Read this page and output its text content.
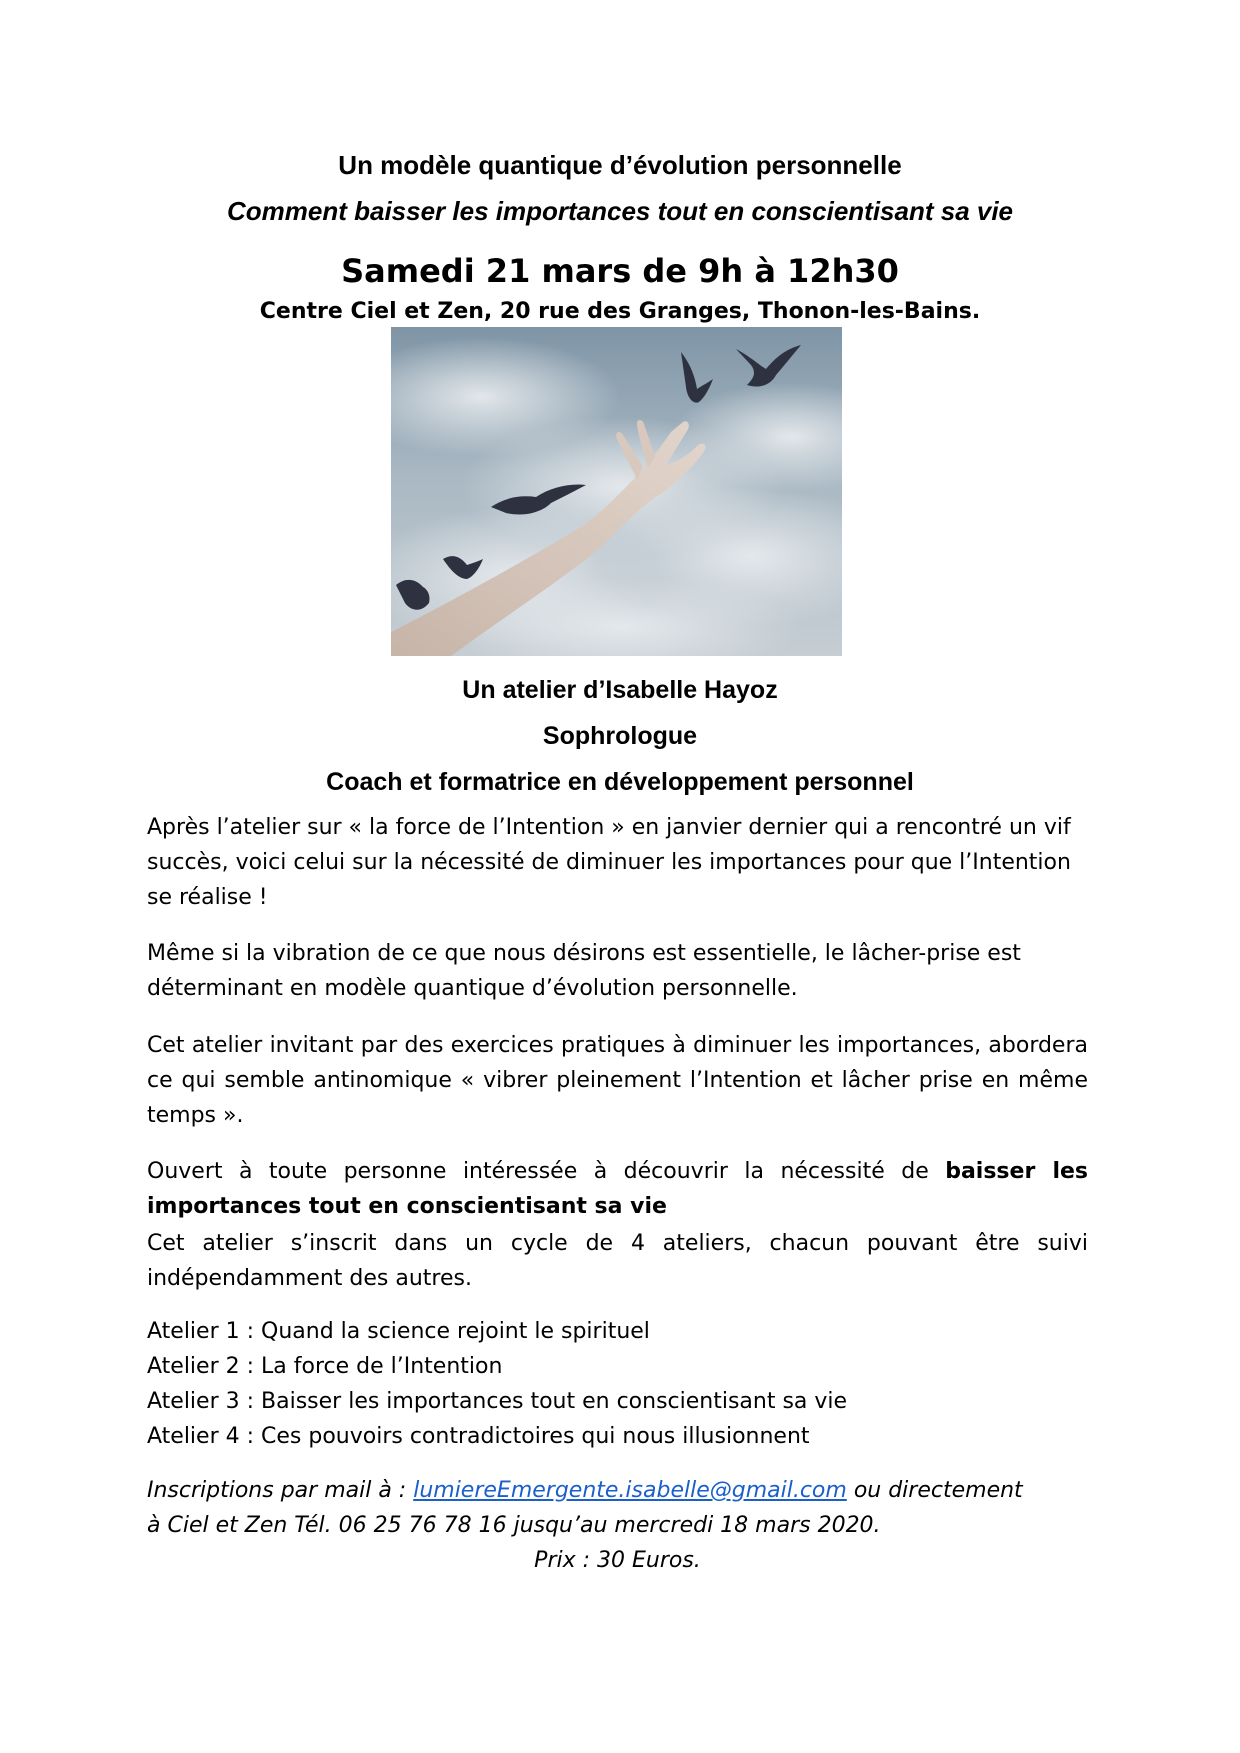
Un modèle quantique d’évolution personnelle
Comment baisser les importances tout en conscientisant sa vie
Samedi 21 mars de 9h à 12h30
Centre Ciel et Zen, 20 rue des Granges, Thonon-les-Bains.
Un atelier d’Isabelle Hayoz
Sophrologue
Coach et formatrice en développement personnel
Après l’atelier sur « la force de l’Intention » en janvier dernier qui a rencontré un vif succès, voici celui sur la nécessité de diminuer les importances pour que l’Intention se réalise !
Même si la vibration de ce que nous désirons est essentielle, le lâcher-prise est déterminant en modèle quantique d’évolution personnelle.
Cet atelier invitant par des exercices pratiques à diminuer les importances, abordera ce qui semble antinomique « vibrer pleinement l’Intention et lâcher prise en même temps ».
Ouvert à toute personne intéressée à découvrir la nécessité de baisser les importances tout en conscientisant sa vie
Cet atelier s’inscrit dans un cycle de 4 ateliers, chacun pouvant être suivi indépendamment des autres.
Atelier 1 : Quand la science rejoint le spirituel
Atelier 2 : La force de l’Intention
Atelier 3 : Baisser les importances tout en conscientisant sa vie
Atelier 4 : Ces pouvoirs contradictoires qui nous illusionnent
Inscriptions par mail à : lumiereEmergente.isabelle@gmail.com ou directement
à Ciel et Zen Tél. 06 25 76 78 16 jusqu’au mercredi 18 mars 2020.
Prix : 30 Euros.
